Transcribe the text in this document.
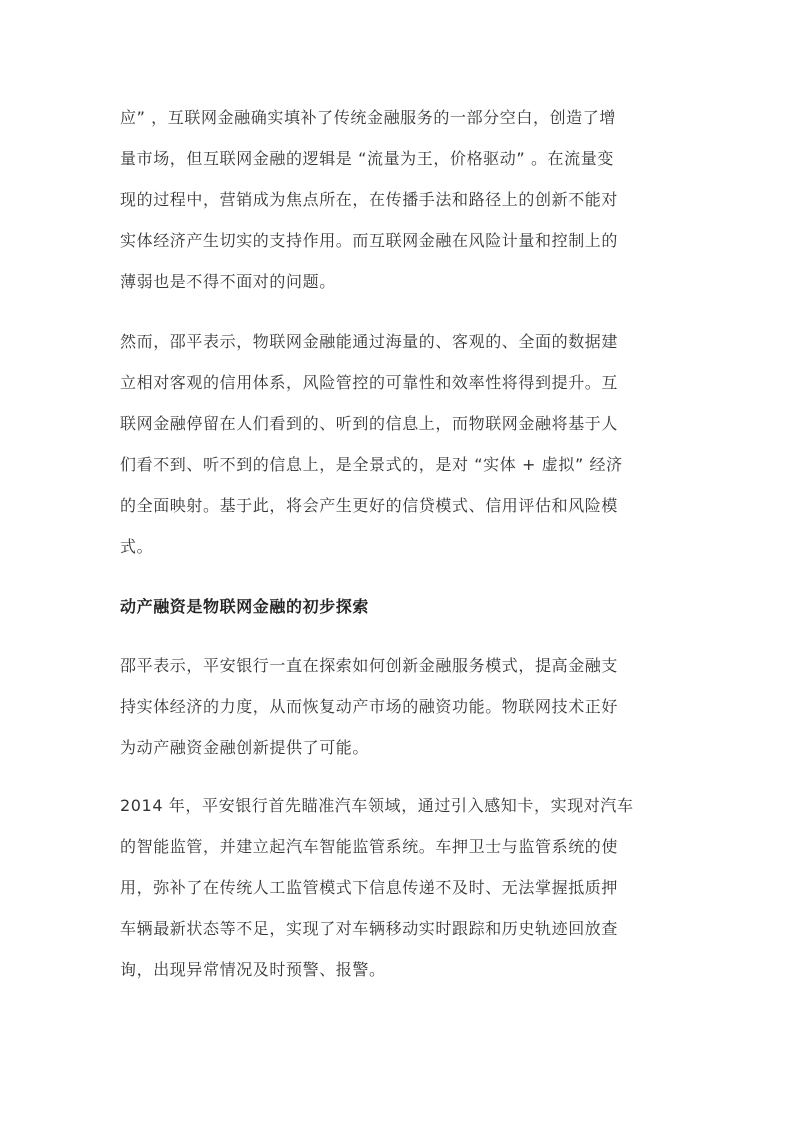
应” ，互联网金融确实填补了传统金融服务的一部分空白，创造了增
量市场，但互联网金融的逻辑是 “流量为王，价格驱动” 。在流量变
现的过程中，营销成为焦点所在，在传播手法和路径上的创新不能对
实体经济产生切实的支持作用。而互联网金融在风险计量和控制上的
薄弱也是不得不面对的问题。
然而，邵平表示，物联网金融能通过海量的、客观的、全面的数据建
立相对客观的信用体系，风险管控的可靠性和效率性将得到提升。互
联网金融停留在人们看到的、听到的信息上，而物联网金融将基于人
们看不到、听不到的信息上，是全景式的，是对 “实体 + 虚拟” 经济
的全面映射。基于此，将会产生更好的信贷模式、信用评估和风险模
式。
动产融资是物联网金融的初步探索
邵平表示，平安银行一直在探索如何创新金融服务模式，提高金融支
持实体经济的力度，从而恢复动产市场的融资功能。物联网技术正好
为动产融资金融创新提供了可能。
2014 年，平安银行首先瞄准汽车领域，通过引入感知卡，实现对汽车
的智能监管，并建立起汽车智能监管系统。车押卫士与监管系统的使
用，弥补了在传统人工监管模式下信息传递不及时、无法掌握抵质押
车辆最新状态等不足，实现了对车辆移动实时跟踪和历史轨迹回放查
询，出现异常情况及时预警、报警。
